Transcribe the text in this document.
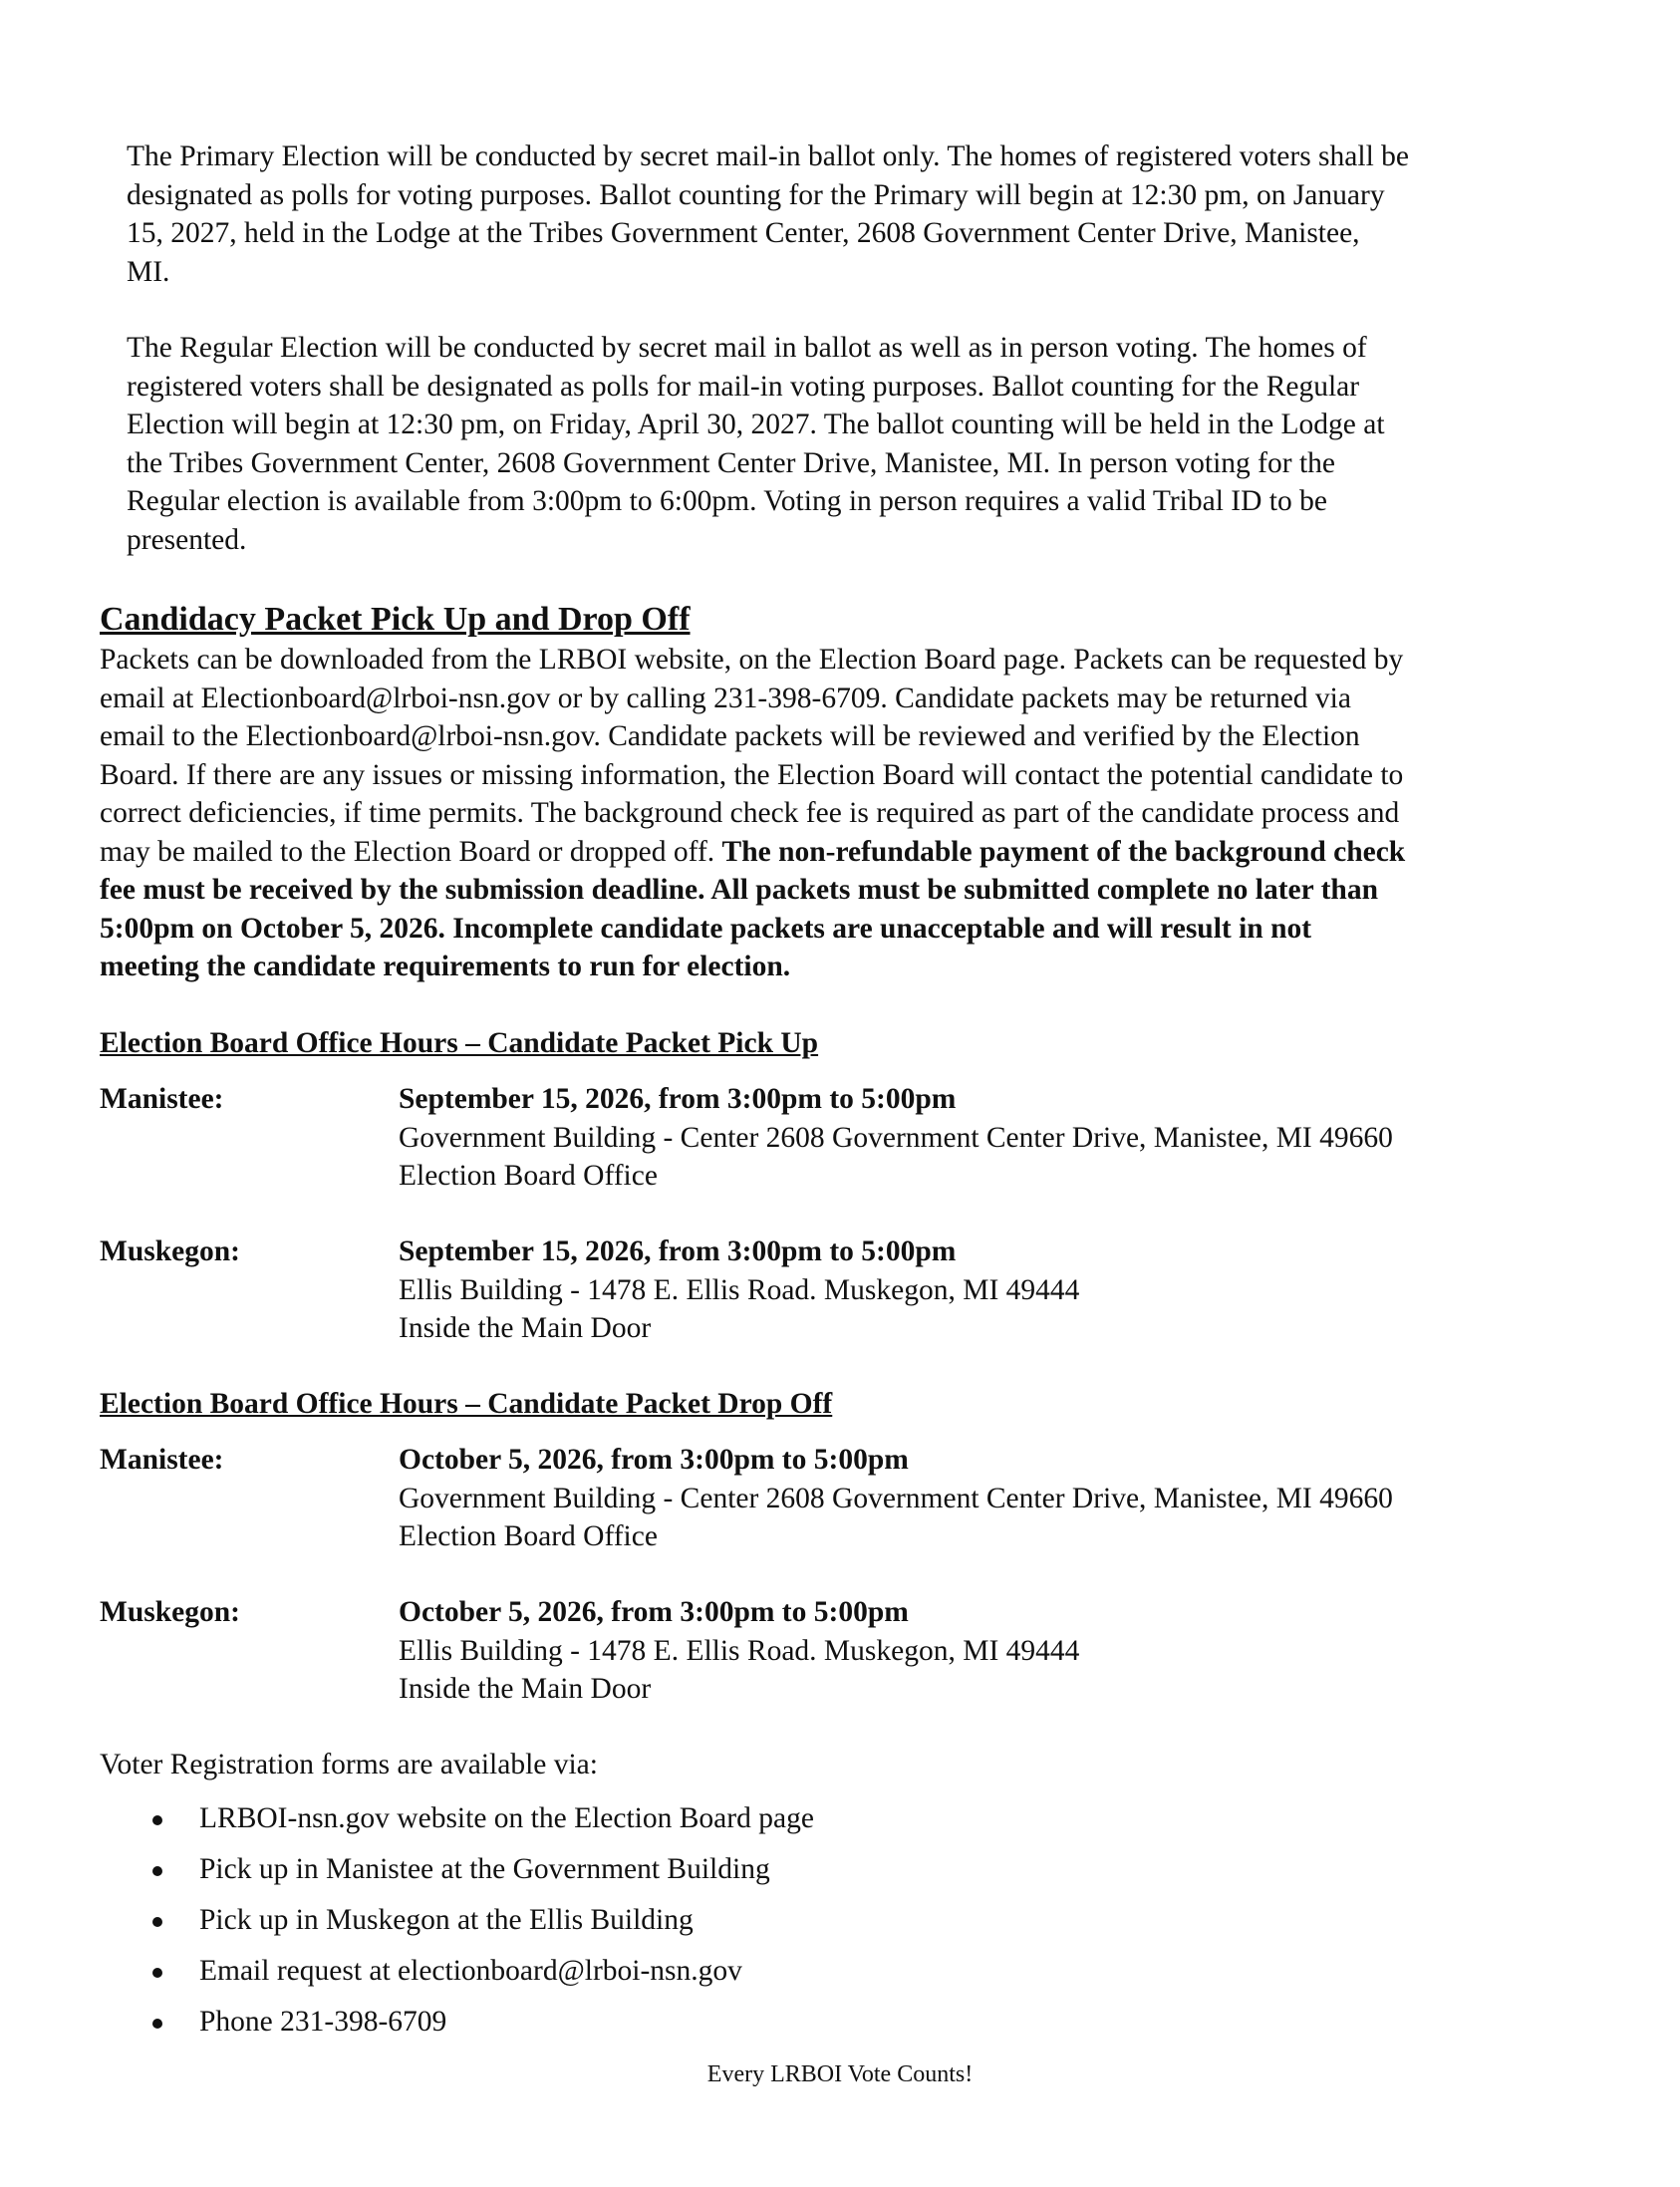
The Primary Election will be conducted by secret mail-in ballot only. The homes of registered voters shall be
designated as polls for voting purposes. Ballot counting for the Primary will begin at 12:30 pm, on January
15, 2027, held in the Lodge at the Tribes Government Center, 2608 Government Center Drive, Manistee,
MI.
The Regular Election will be conducted by secret mail in ballot as well as in person voting. The homes of
registered voters shall be designated as polls for mail-in voting purposes. Ballot counting for the Regular
Election will begin at 12:30 pm, on Friday, April 30, 2027. The ballot counting will be held in the Lodge at
the Tribes Government Center, 2608 Government Center Drive, Manistee, MI. In person voting for the
Regular election is available from 3:00pm to 6:00pm. Voting in person requires a valid Tribal ID to be
presented.
Candidacy Packet Pick Up and Drop Off
Packets can be downloaded from the LRBOI website, on the Election Board page. Packets can be requested by
email at Electionboard@lrboi-nsn.gov or by calling 231-398-6709. Candidate packets may be returned via
email to the Electionboard@lrboi-nsn.gov. Candidate packets will be reviewed and verified by the Election
Board. If there are any issues or missing information, the Election Board will contact the potential candidate to
correct deficiencies, if time permits. The background check fee is required as part of the candidate process and
may be mailed to the Election Board or dropped off. The non-refundable payment of the background check
fee must be received by the submission deadline. All packets must be submitted complete no later than
5:00pm on October 5, 2026. Incomplete candidate packets are unacceptable and will result in not
meeting the candidate requirements to run for election.
Election Board Office Hours – Candidate Packet Pick Up
Manistee:	September 15, 2026, from 3:00pm to 5:00pm
Government Building - Center 2608 Government Center Drive, Manistee, MI 49660
Election Board Office
Muskegon:	September 15, 2026, from 3:00pm to 5:00pm
Ellis Building - 1478 E. Ellis Road. Muskegon, MI 49444
Inside the Main Door
Election Board Office Hours – Candidate Packet Drop Off
Manistee:	October 5, 2026, from 3:00pm to 5:00pm
Government Building - Center 2608 Government Center Drive, Manistee, MI 49660
Election Board Office
Muskegon:	October 5, 2026, from 3:00pm to 5:00pm
Ellis Building - 1478 E. Ellis Road. Muskegon, MI 49444
Inside the Main Door
Voter Registration forms are available via:
LRBOI-nsn.gov website on the Election Board page
Pick up in Manistee at the Government Building
Pick up in Muskegon at the Ellis Building
Email request at electionboard@lrboi-nsn.gov
Phone 231-398-6709
Every LRBOI Vote Counts!
